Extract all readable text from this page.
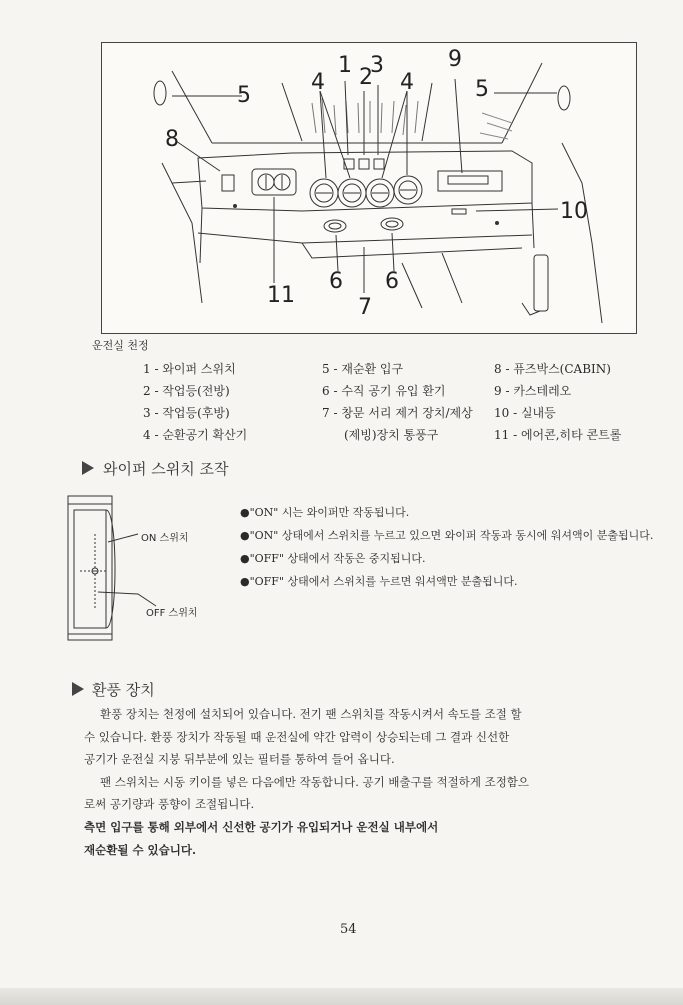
1 2
3
4	4
5	5
6 6
7
8
9
10
11
운전실 천정
1 - 와이퍼 스위치
2 - 작업등(전방)
3 - 작업등(후방)
4 - 순환공기 확산기
5 - 재순환 입구
6 - 수직 공기 유입 환기
7 - 창문 서리 제거 장치/제상
(제빙)장치 통풍구
8 - 퓨즈박스(CABIN)
9 - 카스테레오
10 - 실내등
11 - 에어콘,히타 콘트롤
와이퍼 스위치 조작
ON 스위치
OFF 스위치
●"ON" 시는 와이퍼만 작동됩니다.
●"ON" 상태에서 스위치를 누르고 있으면 와이퍼 작동과 동시에 워셔액이 분출됩니다.
●"OFF" 상태에서 작동은 중지됩니다.
●"OFF" 상태에서 스위치를 누르면 워셔액만 분출됩니다.
환풍 장치
환풍 장치는 천정에 설치되어 있습니다. 전기 팬 스위치를 작동시켜서 속도를 조절 할
수 있습니다. 환풍 장치가 작동될 때 운전실에 약간 압력이 상승되는데 그 결과 신선한
공기가 운전실 지붕 뒤부분에 있는 필터를 통하여 들어 옵니다.
팬 스위치는 시동 키이를 넣은 다음에만 작동합니다. 공기 배출구를 적절하게 조정함으
로써 공기량과 풍향이 조절됩니다.
측면 입구를 통해 외부에서 신선한 공기가 유입되거나 운전실 내부에서
재순환될 수 있습니다.
54
